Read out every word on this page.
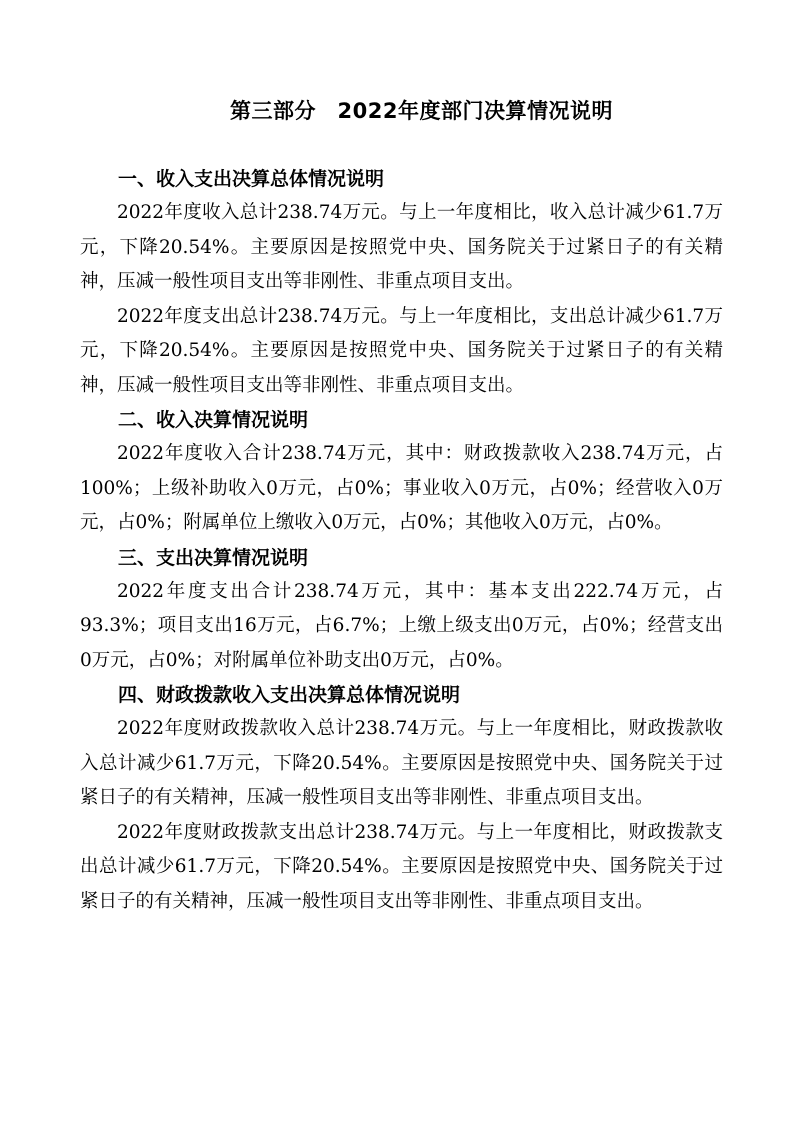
第三部分　2022年度部门决算情况说明
一、收入支出决算总体情况说明

2022年度收入总计238.74万元。与上一年度相比，收入总计减少61.7万元，下降20.54%。主要原因是按照党中央、国务院关于过紧日子的有关精神，压减一般性项目支出等非刚性、非重点项目支出。

2022年度支出总计238.74万元。与上一年度相比，支出总计减少61.7万元，下降20.54%。主要原因是按照党中央、国务院关于过紧日子的有关精神，压减一般性项目支出等非刚性、非重点项目支出。

二、收入决算情况说明

2022年度收入合计238.74万元，其中：财政拨款收入238.74万元，占100%；上级补助收入0万元，占0%；事业收入0万元，占0%；经营收入0万元，占0%；附属单位上缴收入0万元，占0%；其他收入0万元，占0%。

三、支出决算情况说明

2022年度支出合计238.74万元，其中：基本支出222.74万元，占93.3%；项目支出16万元，占6.7%；上缴上级支出0万元，占0%；经营支出0万元，占0%；对附属单位补助支出0万元，占0%。

四、财政拨款收入支出决算总体情况说明

2022年度财政拨款收入总计238.74万元。与上一年度相比，财政拨款收入总计减少61.7万元，下降20.54%。主要原因是按照党中央、国务院关于过紧日子的有关精神，压减一般性项目支出等非刚性、非重点项目支出。

2022年度财政拨款支出总计238.74万元。与上一年度相比，财政拨款支出总计减少61.7万元，下降20.54%。主要原因是按照党中央、国务院关于过紧日子的有关精神，压减一般性项目支出等非刚性、非重点项目支出。
